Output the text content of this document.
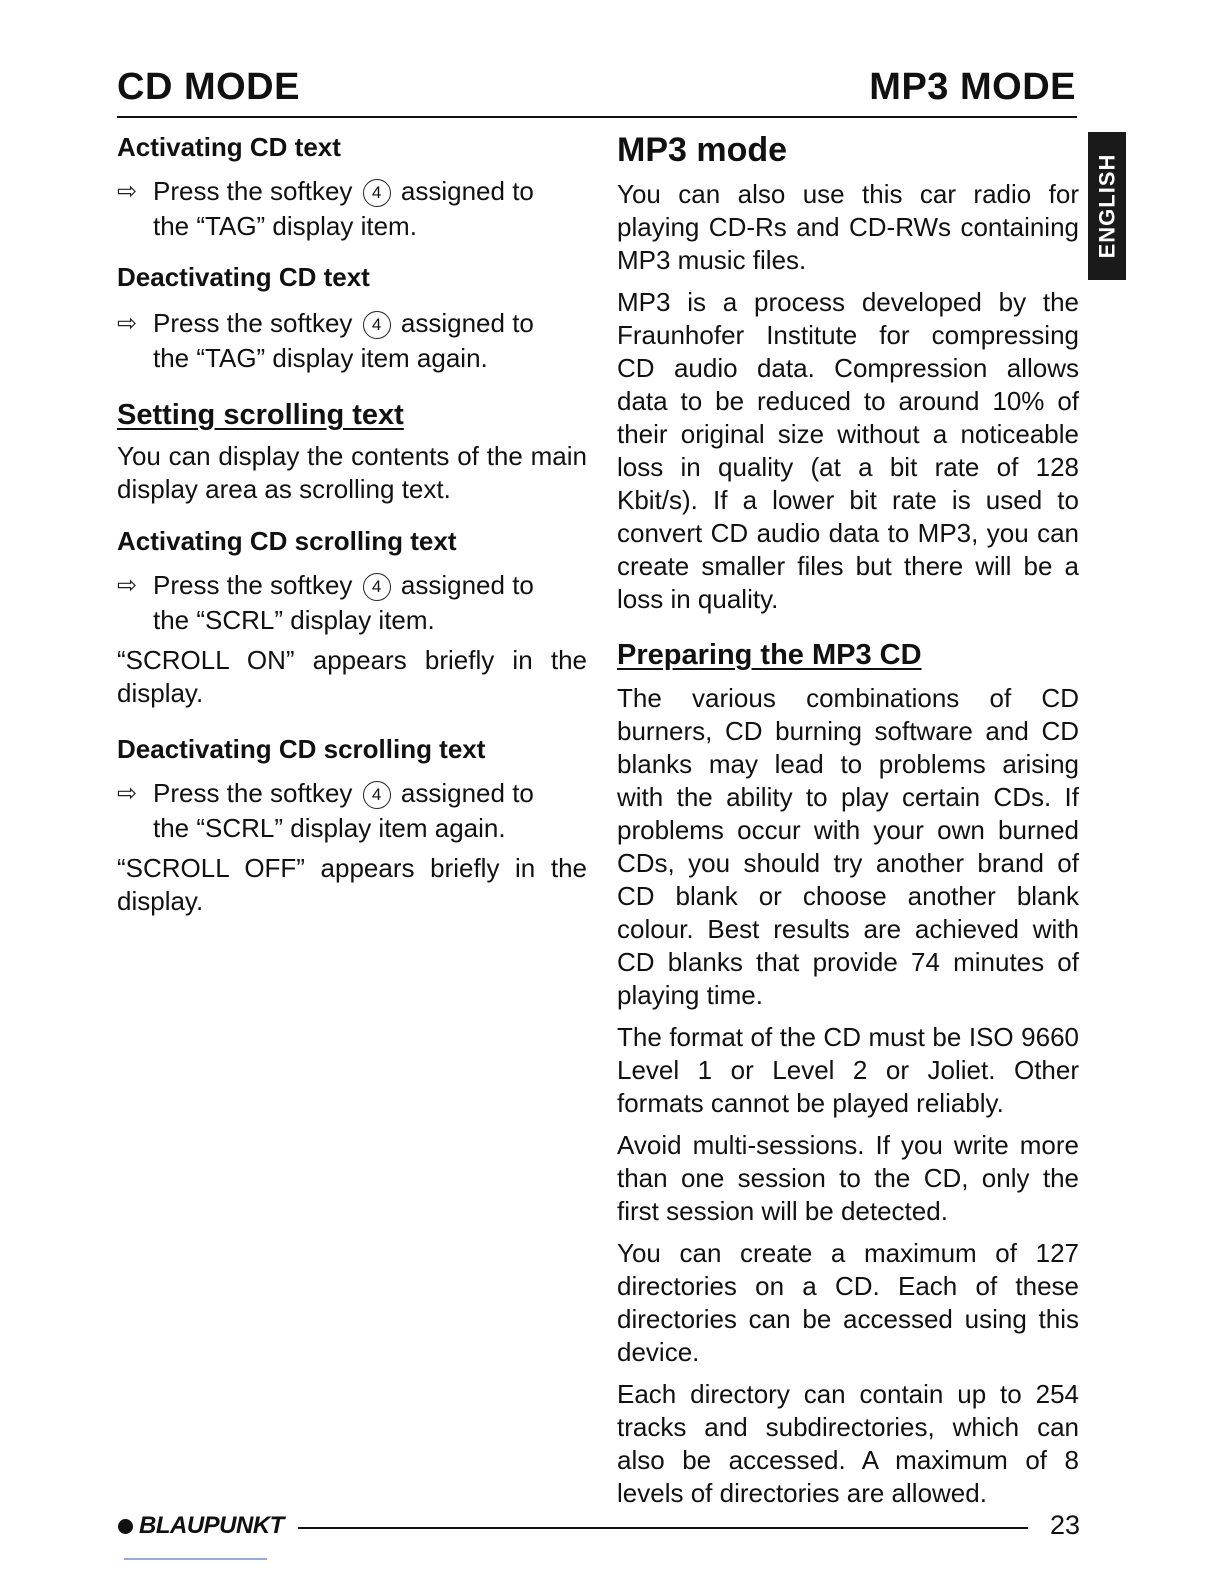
CD MODE	MP3 MODE
ENGLISH
Activating CD text

⇨ Press the softkey 4 assigned to
the “TAG” display item.

Deactivating CD text

⇨ Press the softkey 4 assigned to
the “TAG” display item again.

Setting scrolling text

You can display the contents of the main display area as scrolling text.

Activating CD scrolling text

⇨ Press the softkey 4 assigned to
the “SCRL” display item.

“SCROLL ON” appears briefly in the display.

Deactivating CD scrolling text

⇨ Press the softkey 4 assigned to
the “SCRL” display item again.

“SCROLL OFF” appears briefly in the display.

MP3 mode

You can also use this car radio for playing CD-Rs and CD-RWs containing MP3 music files.

MP3 is a process developed by the Fraunhofer Institute for compressing CD audio data. Compression allows data to be reduced to around 10% of their original size without a noticeable loss in quality (at a bit rate of 128 Kbit/s). If a lower bit rate is used to convert CD audio data to MP3, you can create smaller files but there will be a loss in quality.

Preparing the MP3 CD

The various combinations of CD burners, CD burning software and CD blanks may lead to problems arising with the ability to play certain CDs. If problems occur with your own burned CDs, you should try another brand of CD blank or choose another blank colour. Best results are achieved with CD blanks that provide 74 minutes of playing time.

The format of the CD must be ISO 9660 Level 1 or Level 2 or Joliet. Other formats cannot be played reliably.

Avoid multi-sessions. If you write more than one session to the CD, only the first session will be detected.

You can create a maximum of 127 directories on a CD. Each of these directories can be accessed using this device.

Each directory can contain up to 254 tracks and subdirectories, which can also be accessed. A maximum of 8 levels of directories are allowed.

BLAUPUNKT	23
